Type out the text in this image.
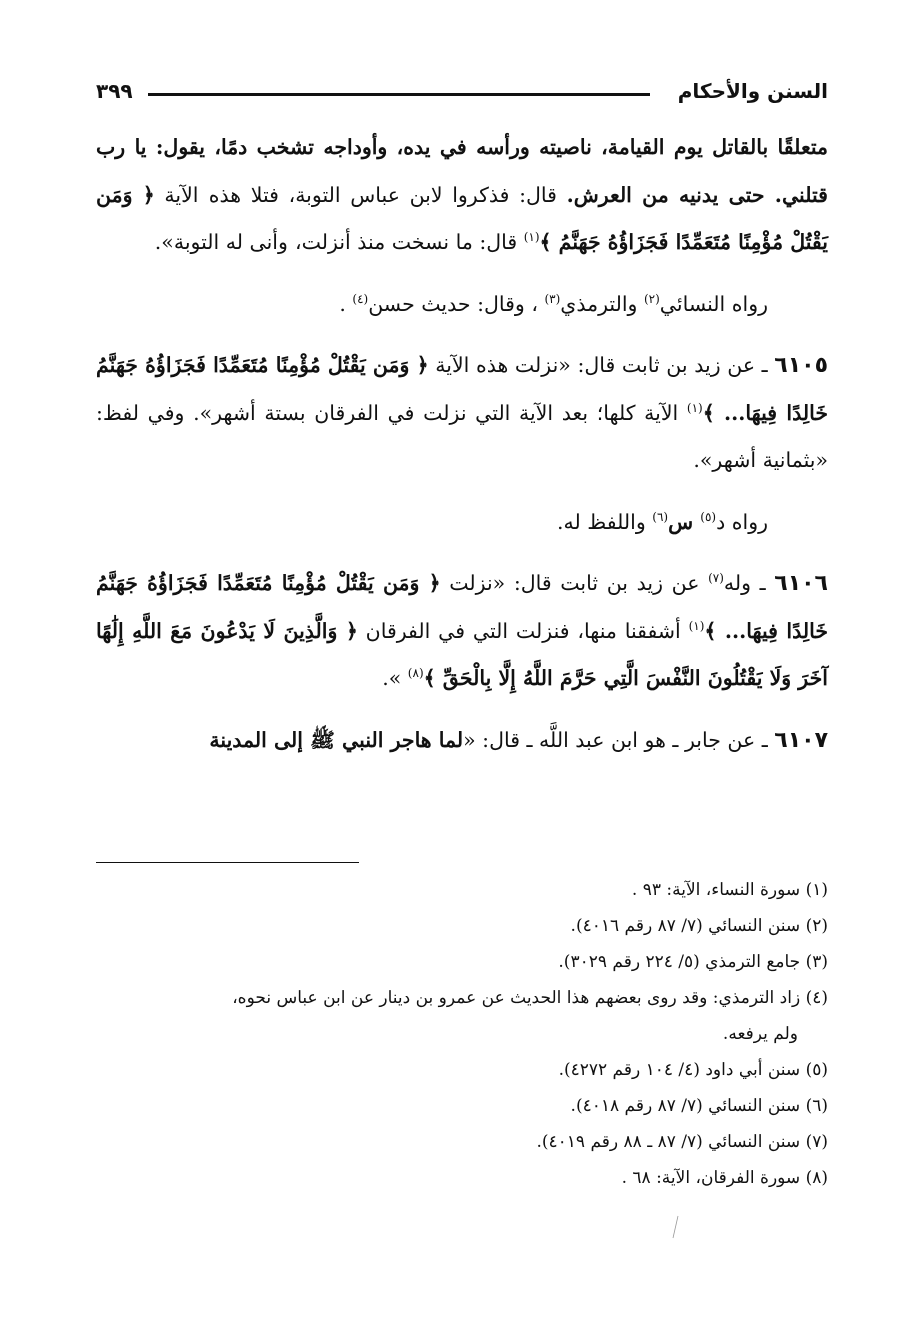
السنن والأحكام
٣٩٩

متعلقًا بالقاتل يوم القيامة، ناصيته ورأسه في يده، وأوداجه تشخب دمًا، يقول: يا رب قتلني. حتى يدنيه من العرش. قال: فذكروا لابن عباس التوبة، فتلا هذه الآية ﴿ وَمَن يَقْتُلْ مُؤْمِنًا مُتَعَمِّدًا فَجَزَاؤُهُ جَهَنَّمُ ﴾$^{(١)}$ قال: ما نسخت منذ أنزلت، وأنى له التوبة».

رواه النسائي$^{(٢)}$ والترمذي$^{(٣)}$ ، وقال: حديث حسن$^{(٤)}$ .

٦١٠٥ ـ عن زيد بن ثابت قال: «نزلت هذه الآية ﴿ وَمَن يَقْتُلْ مُؤْمِنًا مُتَعَمِّدًا فَجَزَاؤُهُ جَهَنَّمُ خَالِدًا فِيهَا... ﴾$^{(١)}$ الآية كلها؛ بعد الآية التي نزلت في الفرقان بستة أشهر». وفي لفظ: «بثمانية أشهر».

رواه د$^{(٥)}$ س$^{(٦)}$ واللفظ له.

٦١٠٦ ـ وله$^{(٧)}$ عن زيد بن ثابت قال: «نزلت ﴿ وَمَن يَقْتُلْ مُؤْمِنًا مُتَعَمِّدًا فَجَزَاؤُهُ جَهَنَّمُ خَالِدًا فِيهَا... ﴾$^{(١)}$ أشفقنا منها، فنزلت التي في الفرقان ﴿ وَالَّذِينَ لَا يَدْعُونَ مَعَ اللَّهِ إِلَٰهًا آخَرَ وَلَا يَقْتُلُونَ النَّفْسَ الَّتِي حَرَّمَ اللَّهُ إِلَّا بِالْحَقِّ ﴾$^{(٨)}$ ».

٦١٠٧ ـ عن جابر ـ هو ابن عبد اللَّه ـ قال: «لما هاجر النبي ﷺ إلى المدينة

(١) سورة النساء، الآية: ٩٣ .

(٢) سنن النسائي (٧/ ٨٧ رقم ٤٠١٦).

(٣) جامع الترمذي (٥/ ٢٢٤ رقم ٣٠٢٩).

(٤) زاد الترمذي: وقد روى بعضهم هذا الحديث عن عمرو بن دينار عن ابن عباس نحوه،
ولم يرفعه.

(٥) سنن أبي داود (٤/ ١٠٤ رقم ٤٢٧٢).

(٦) سنن النسائي (٧/ ٨٧ رقم ٤٠١٨).

(٧) سنن النسائي (٧/ ٨٧ ـ ٨٨ رقم ٤٠١٩).

(٨) سورة الفرقان، الآية: ٦٨ .
